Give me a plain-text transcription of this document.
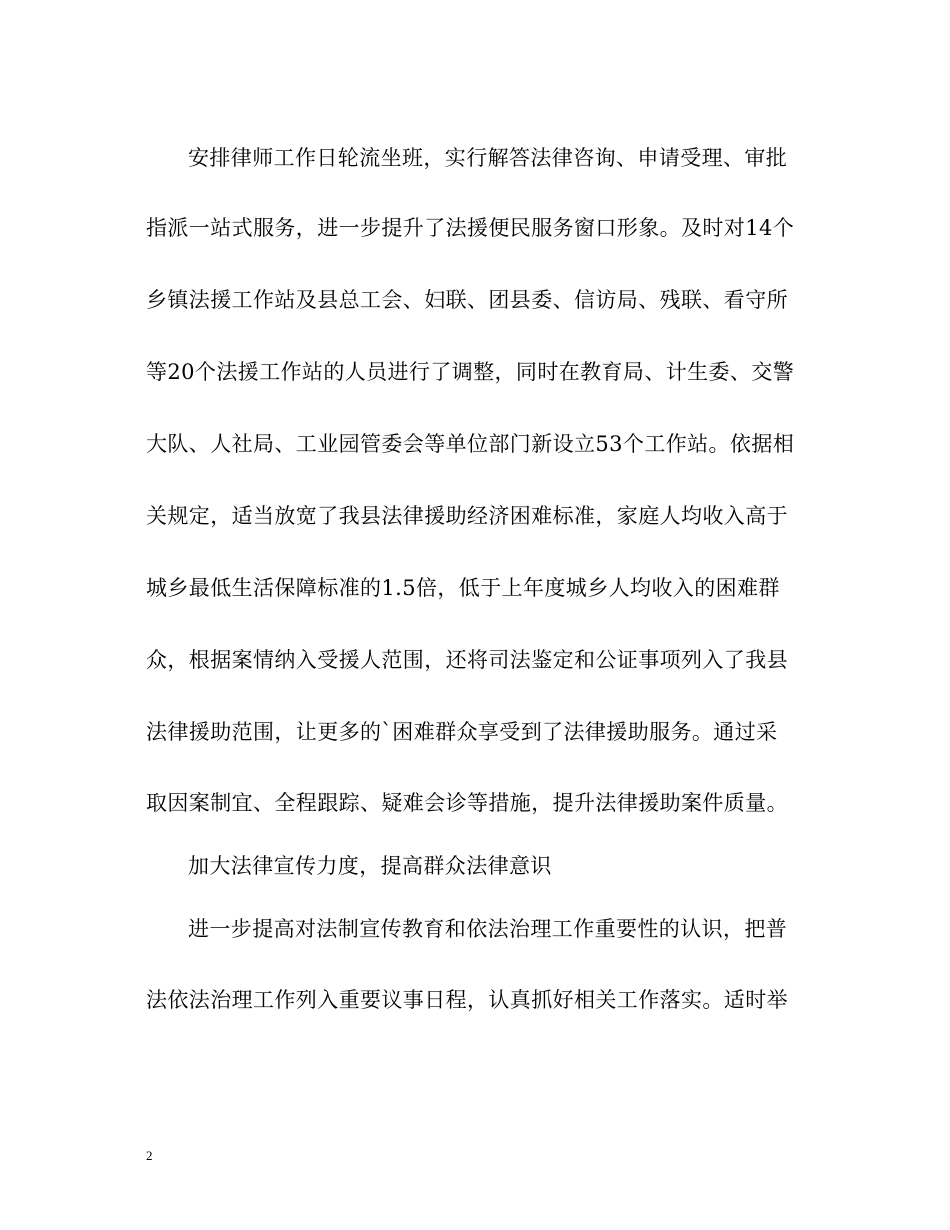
安排律师工作日轮流坐班，实行解答法律咨询、申请受理、审批
指派一站式服务，进一步提升了法援便民服务窗口形象。及时对14个
乡镇法援工作站及县总工会、妇联、团县委、信访局、残联、看守所
等20个法援工作站的人员进行了调整，同时在教育局、计生委、交警
大队、人社局、工业园管委会等单位部门新设立53个工作站。依据相
关规定，适当放宽了我县法律援助经济困难标准，家庭人均收入高于
城乡最低生活保障标准的1.5倍，低于上年度城乡人均收入的困难群
众，根据案情纳入受援人范围，还将司法鉴定和公证事项列入了我县
法律援助范围，让更多的`困难群众享受到了法律援助服务。通过采
取因案制宜、全程跟踪、疑难会诊等措施，提升法律援助案件质量。
加大法律宣传力度，提高群众法律意识
进一步提高对法制宣传教育和依法治理工作重要性的认识，把普
法依法治理工作列入重要议事日程，认真抓好相关工作落实。适时举
2
